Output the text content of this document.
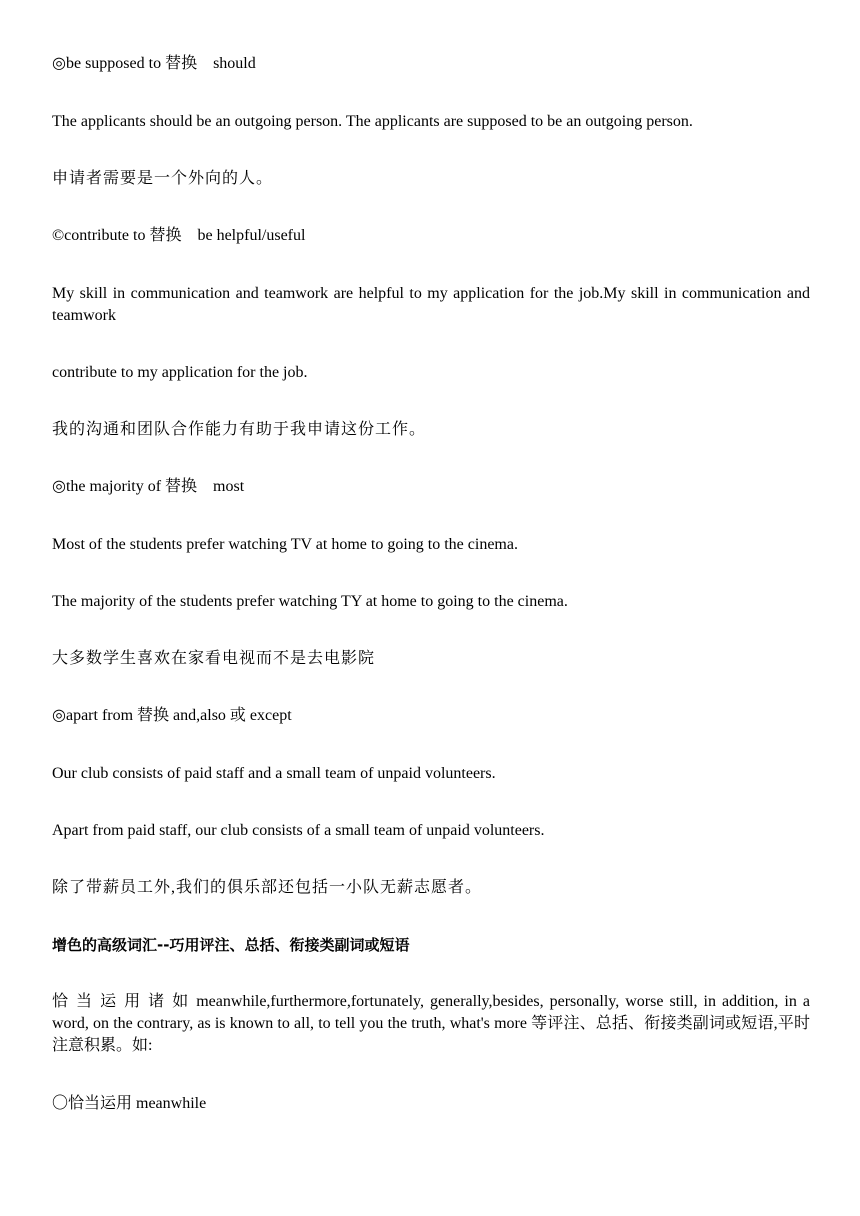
◎be supposed to 替换　should

The applicants should be an outgoing person. The applicants are supposed to be an outgoing person.

申请者需要是一个外向的人。

©contribute to 替换　be helpful/useful

My skill in communication and teamwork are helpful to my application for the job.My skill in communication and teamwork

contribute to my application for the job.

我的沟通和团队合作能力有助于我申请这份工作。

◎the majority of 替换　most

Most of the students prefer watching TV at home to going to the cinema.

The majority of the students prefer watching TY at home to going to the cinema.

大多数学生喜欢在家看电视而不是去电影院

◎apart from 替换 and,also 或 except

Our club consists of paid staff and a small team of unpaid volunteers.

Apart from paid staff, our club consists of a small team of unpaid volunteers.

除了带薪员工外,我们的俱乐部还包括一小队无薪志愿者。

增色的高级词汇--巧用评注、总括、衔接类副词或短语

恰 当 运 用 诸 如 meanwhile,furthermore,fortunately, generally,besides, personally, worse still, in addition, in a word, on the contrary, as is known to all, to tell you the truth, what's more 等评注、总括、衔接类副词或短语,平时注意积累。如:

〇恰当运用 meanwhile
